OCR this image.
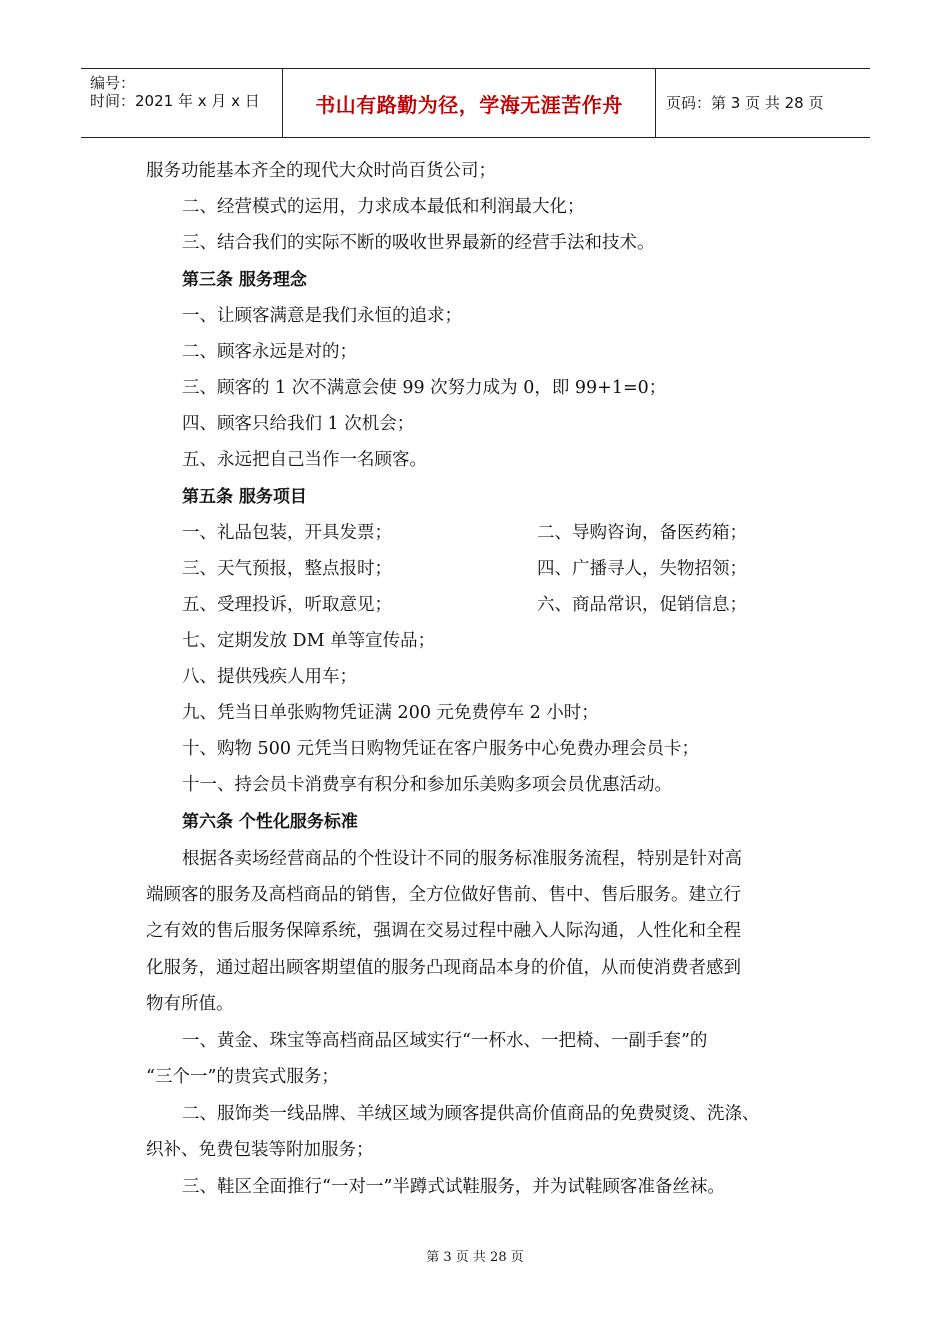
编号：
时间：2021 年 x 月 x 日	书山有路勤为径，学海无涯苦作舟	页码：第 3 页 共 28 页
服务功能基本齐全的现代大众时尚百货公司；
二、经营模式的运用，力求成本最低和利润最大化；
三、结合我们的实际不断的吸收世界最新的经营手法和技术。
第三条 服务理念
一、让顾客满意是我们永恒的追求；
二、顾客永远是对的；
三、顾客的 1 次不满意会使 99 次努力成为 0，即 99+1=0；
四、顾客只给我们 1 次机会；
五、永远把自己当作一名顾客。
第五条 服务项目
一、礼品包装，开具发票；	二、导购咨询，备医药箱；
三、天气预报，整点报时；	四、广播寻人，失物招领；
五、受理投诉，听取意见；	六、商品常识，促销信息；
七、定期发放 DM 单等宣传品；
八、提供残疾人用车；
九、凭当日单张购物凭证满 200 元免费停车 2 小时；
十、购物 500 元凭当日购物凭证在客户服务中心免费办理会员卡；
十一、持会员卡消费享有积分和参加乐美购多项会员优惠活动。
第六条 个性化服务标准
根据各卖场经营商品的个性设计不同的服务标准服务流程，特别是针对高
端顾客的服务及高档商品的销售，全方位做好售前、售中、售后服务。建立行
之有效的售后服务保障系统，强调在交易过程中融入人际沟通，人性化和全程
化服务，通过超出顾客期望值的服务凸现商品本身的价值，从而使消费者感到
物有所值。
一、黄金、珠宝等高档商品区域实行“一杯水、一把椅、一副手套”的
“三个一”的贵宾式服务；
二、服饰类一线品牌、羊绒区域为顾客提供高价值商品的免费熨烫、洗涤、
织补、免费包装等附加服务；
三、鞋区全面推行“一对一”半蹲式试鞋服务，并为试鞋顾客准备丝袜。
第 3 页 共 28 页
